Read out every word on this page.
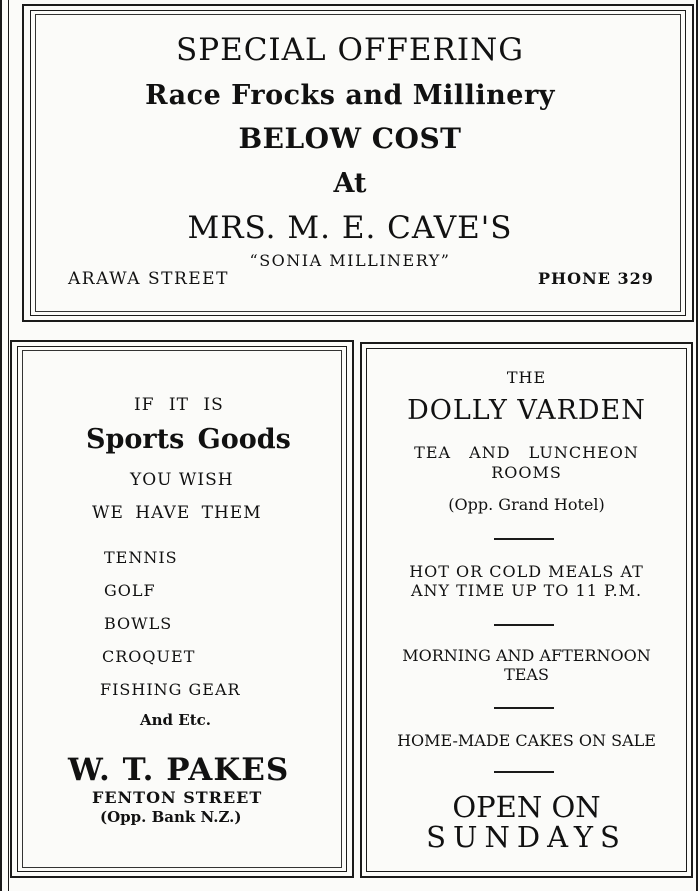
SPECIAL OFFERING
Race Frocks and Millinery
BELOW COST
At
MRS. M. E. CAVE'S
“SONIA MILLINERY”
ARAWA STREET	PHONE 329
IF IT IS
Sports Goods
YOU WISH
WE HAVE THEM
TENNIS
GOLF
BOWLS
CROQUET
FISHING GEAR
And Etc.
W. T. PAKES
FENTON STREET
(Opp. Bank N.Z.)
THE
DOLLY VARDEN
TEA AND LUNCHEON
ROOMS
(Opp. Grand Hotel)
HOT OR COLD MEALS AT
ANY TIME UP TO 11 P.M.
MORNING AND AFTERNOON
TEAS
HOME-MADE CAKES ON SALE
OPEN ON
SUNDAYS
